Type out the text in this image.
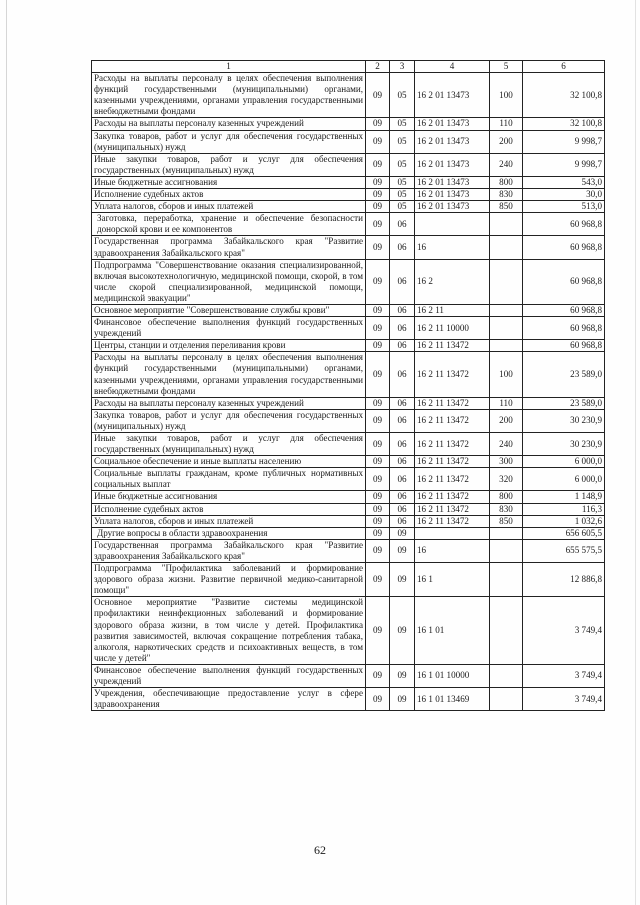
1	2	3	4	5	6
Расходы на выплаты персоналу в целях обеспечения выполнения функций государственными (муниципальными) органами, казенными учреждениями, органами управления государственными внебюджетными фондами	09	05	16 2 01 13473	100	32 100,8
Расходы на выплаты персоналу казенных учреждений	09	05	16 2 01 13473	110	32 100,8
Закупка товаров, работ и услуг для обеспечения государственных (муниципальных) нужд	09	05	16 2 01 13473	200	9 998,7
Иные закупки товаров, работ и услуг для обеспечения государственных (муниципальных) нужд	09	05	16 2 01 13473	240	9 998,7
Иные бюджетные ассигнования	09	05	16 2 01 13473	800	543,0
Исполнение судебных актов	09	05	16 2 01 13473	830	30,0
Уплата налогов, сборов и иных платежей	09	05	16 2 01 13473	850	513,0
Заготовка, переработка, хранение и обеспечение безопасности донорской крови и ее компонентов	09	06			60 968,8
Государственная программа Забайкальского края "Развитие здравоохранения Забайкальского края"	09	06	16		60 968,8
Подпрограмма "Совершенствование оказания специализированной, включая высокотехнологичную, медицинской помощи, скорой, в том числе скорой специализированной, медицинской помощи, медицинской эвакуации"	09	06	16 2		60 968,8
Основное мероприятие "Совершенствование службы крови"	09	06	16 2 11		60 968,8
Финансовое обеспечение выполнения функций государственных учреждений	09	06	16 2 11 10000		60 968,8
Центры, станции и отделения переливания крови	09	06	16 2 11 13472		60 968,8
Расходы на выплаты персоналу в целях обеспечения выполнения функций государственными (муниципальными) органами, казенными учреждениями, органами управления государственными внебюджетными фондами	09	06	16 2 11 13472	100	23 589,0
Расходы на выплаты персоналу казенных учреждений	09	06	16 2 11 13472	110	23 589,0
Закупка товаров, работ и услуг для обеспечения государственных (муниципальных) нужд	09	06	16 2 11 13472	200	30 230,9
Иные закупки товаров, работ и услуг для обеспечения государственных (муниципальных) нужд	09	06	16 2 11 13472	240	30 230,9
Социальное обеспечение и иные выплаты населению	09	06	16 2 11 13472	300	6 000,0
Социальные выплаты гражданам, кроме публичных нормативных социальных выплат	09	06	16 2 11 13472	320	6 000,0
Иные бюджетные ассигнования	09	06	16 2 11 13472	800	1 148,9
Исполнение судебных актов	09	06	16 2 11 13472	830	116,3
Уплата налогов, сборов и иных платежей	09	06	16 2 11 13472	850	1 032,6
Другие вопросы в области здравоохранения	09	09			656 605,5
Государственная программа Забайкальского края "Развитие здравоохранения Забайкальского края"	09	09	16		655 575,5
Подпрограмма "Профилактика заболеваний и формирование здорового образа жизни. Развитие первичной медико-санитарной помощи"	09	09	16 1		12 886,8
Основное мероприятие "Развитие системы медицинской профилактики неинфекционных заболеваний и формирование здорового образа жизни, в том числе у детей. Профилактика развития зависимостей, включая сокращение потребления табака, алкоголя, наркотических средств и психоактивных веществ, в том числе у детей"	09	09	16 1 01		3 749,4
Финансовое обеспечение выполнения функций государственных учреждений	09	09	16 1 01 10000		3 749,4
Учреждения, обеспечивающие предоставление услуг в сфере здравоохранения	09	09	16 1 01 13469		3 749,4
62
